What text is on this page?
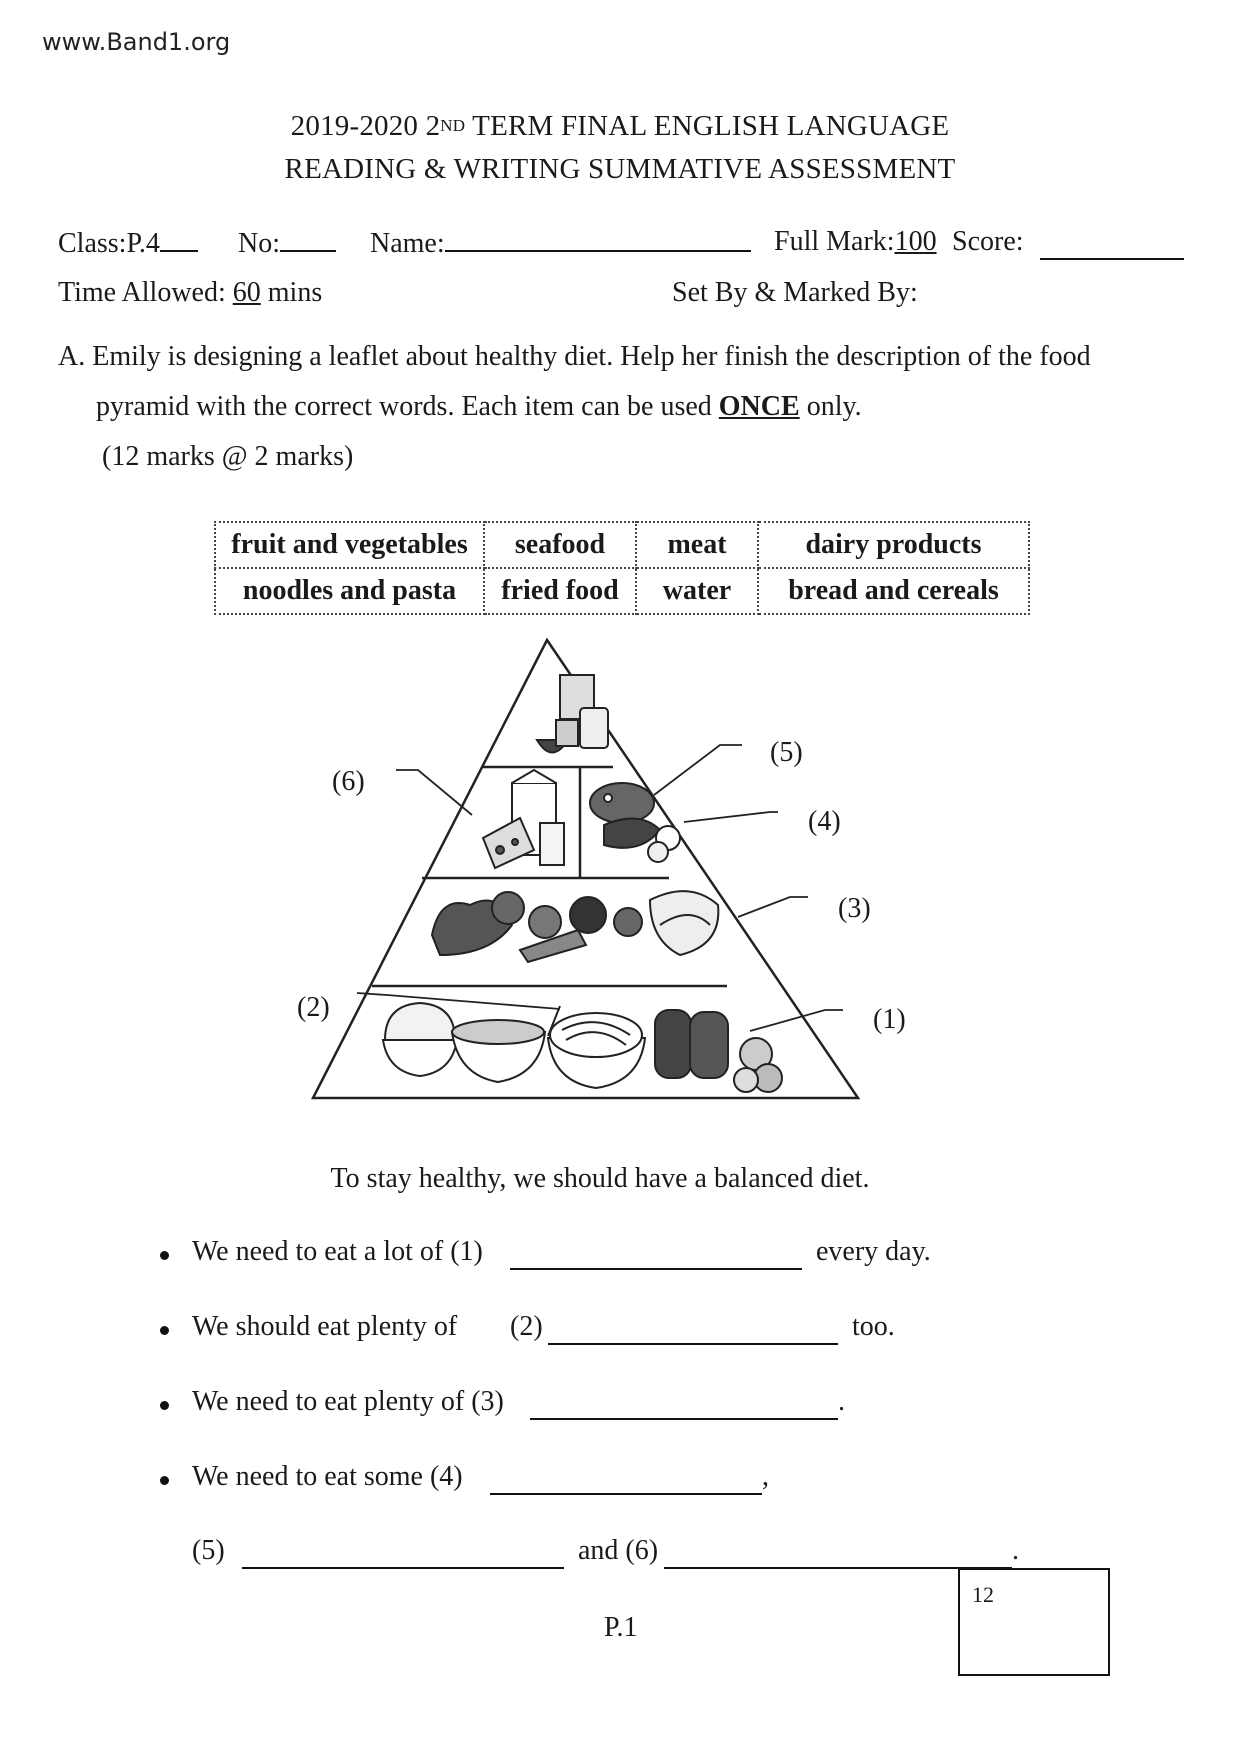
www.Band1.org
2019-2020 2ND TERM FINAL ENGLISH LANGUAGE
READING & WRITING SUMMATIVE ASSESSMENT
Class:P.4	No:	Name:	Full Mark:100 Score:
Time Allowed: 60 mins	Set By & Marked By:
A. Emily is designing a leaflet about healthy diet. Help her finish the description of the food
pyramid with the correct words. Each item can be used ONCE only.
(12 marks @ 2 marks)
fruit and vegetables	seafood	meat	dairy products
noodles and pasta	fried food	water	bread and cereals
(6)
(5)
(4)
(3)
(2)	(1)
To stay healthy, we should have a balanced diet.
We need to eat a lot of (1)	every day.
We should eat plenty of (2)	too.
We need to eat plenty of (3)	.
We need to eat some (4)	,
(5)	and (6)	.
12
P.1
